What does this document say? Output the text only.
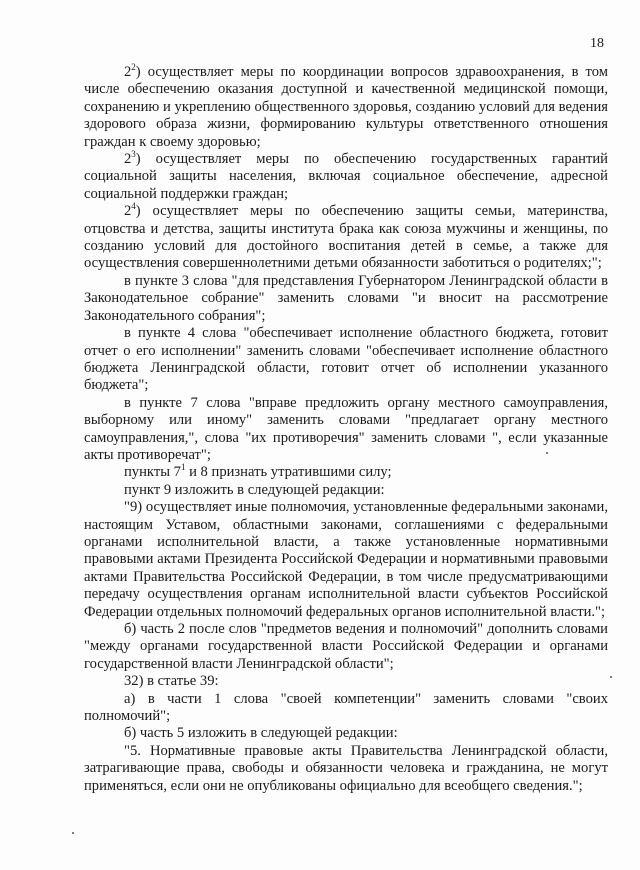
18

$2^2$) осуществляет меры по координации вопросов здравоохранения, в том числе обеспечению оказания доступной и качественной медицинской помощи, сохранению и укреплению общественного здоровья, созданию условий для ведения здорового образа жизни, формированию культуры ответственного отношения граждан к своему здоровью;

$2^3$) осуществляет меры по обеспечению государственных гарантий социальной защиты населения, включая социальное обеспечение, адресной социальной поддержки граждан;

$2^4$) осуществляет меры по обеспечению защиты семьи, материнства, отцовства и детства, защиты института брака как союза мужчины и женщины, по созданию условий для достойного воспитания детей в семье, а также для осуществления совершеннолетними детьми обязанности заботиться о родителях;";

в пункте 3 слова "для представления Губернатором Ленинградской области в Законодательное собрание" заменить словами "и вносит на рассмотрение Законодательного собрания";

в пункте 4 слова "обеспечивает исполнение областного бюджета, готовит отчет о его исполнении" заменить словами "обеспечивает исполнение областного бюджета Ленинградской области, готовит отчет об исполнении указанного бюджета";

в пункте 7 слова "вправе предложить органу местного самоуправления, выборному или иному" заменить словами "предлагает органу местного самоуправления,", слова "их противоречия" заменить словами ", если указанные акты противоречат";

пункты $7^1$ и 8 признать утратившими силу;

пункт 9 изложить в следующей редакции:

"9) осуществляет иные полномочия, установленные федеральными законами, настоящим Уставом, областными законами, соглашениями с федеральными органами исполнительной власти, а также установленные нормативными правовыми актами Президента Российской Федерации и нормативными правовыми актами Правительства Российской Федерации, в том числе предусматривающими передачу осуществления органам исполнительной власти субъектов Российской Федерации отдельных полномочий федеральных органов исполнительной власти.";

б) часть 2 после слов "предметов ведения и полномочий" дополнить словами "между органами государственной власти Российской Федерации и органами государственной власти Ленинградской области";

32) в статье 39:

а) в части 1 слова "своей компетенции" заменить словами "своих полномочий";

б) часть 5 изложить в следующей редакции:

"5. Нормативные правовые акты Правительства Ленинградской области, затрагивающие права, свободы и обязанности человека и гражданина, не могут применяться, если они не опубликованы официально для всеобщего сведения.";
